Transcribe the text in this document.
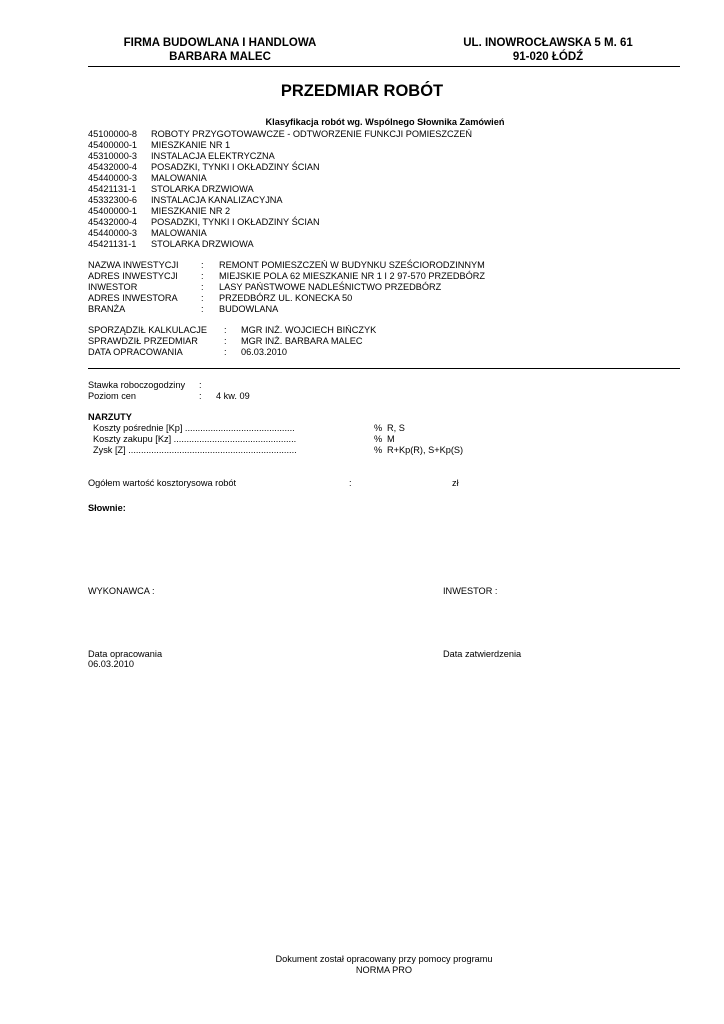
FIRMA BUDOWLANA I HANDLOWA
BARBARA MALEC
UL. INOWROCŁAWSKA 5 M. 61
91-020 ŁÓDŹ
PRZEDMIAR ROBÓT
Klasyfikacja robót wg. Wspólnego Słownika Zamówień
45100000-8	ROBOTY PRZYGOTOWAWCZE - ODTWORZENIE FUNKCJI POMIESZCZEŃ
45400000-1	MIESZKANIE NR 1
45310000-3	INSTALACJA ELEKTRYCZNA
45432000-4	POSADZKI, TYNKI I OKŁADZINY ŚCIAN
45440000-3	MALOWANIA
45421131-1	STOLARKA DRZWIOWA
45332300-6	INSTALACJA KANALIZACYJNA
45400000-1	MIESZKANIE NR 2
45432000-4	POSADZKI, TYNKI I OKŁADZINY ŚCIAN
45440000-3	MALOWANIA
45421131-1	STOLARKA DRZWIOWA
NAZWA INWESTYCJI : REMONT POMIESZCZEŃ W BUDYNKU SZEŚCIORODZINNYM
ADRES INWESTYCJI	: MIEJSKIE POLA 62 MIESZKANIE NR 1 I 2 97-570 PRZEDBÓRZ
INWESTOR	: LASY PAŃSTWOWE NADLEŚNICTWO PRZEDBÓRZ
ADRES INWESTORA	: PRZEDBÓRZ UL. KONECKA 50
BRANŻA	: BUDOWLANA
SPORZĄDZIŁ KALKULACJE : MGR INŻ. WOJCIECH BIŃCZYK
SPRAWDZIŁ PRZEDMIAR	: MGR INŻ. BARBARA MALEC
DATA OPRACOWANIA	: 06.03.2010
Stawka roboczogodziny :
Poziom cen	: 4 kw. 09
NARZUTY
Koszty pośrednie [Kp] ...........................................	% R, S
Koszty zakupu [Kz] ................................................	% M
Zysk [Z] ..................................................................	% R+Kp(R), S+Kp(S)
Ogółem wartość kosztorysowa robót	:	zł
Słownie:
WYKONAWCA :	INWESTOR :
Data opracowania
06.03.2010
Data zatwierdzenia
Dokument został opracowany przy pomocy programu
NORMA PRO
